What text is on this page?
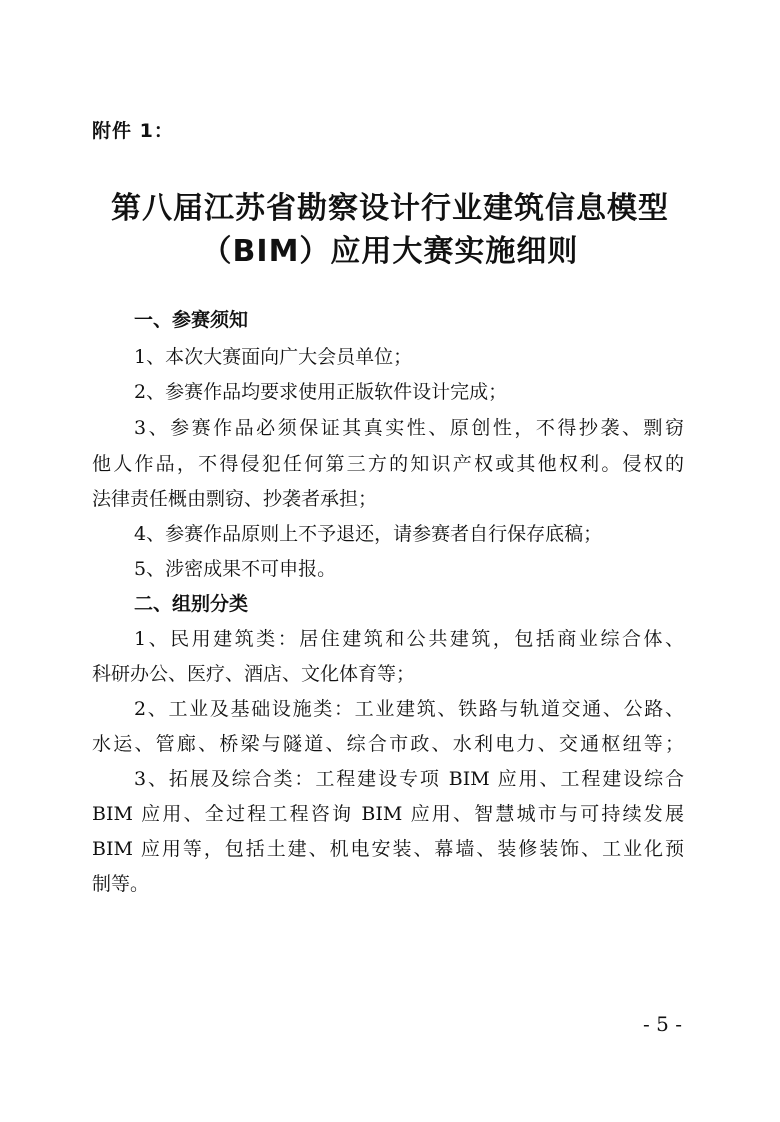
附件 1：
第八届江苏省勘察设计行业建筑信息模型
（BIM）应用大赛实施细则
一、参赛须知
1、本次大赛面向广大会员单位；
2、参赛作品均要求使用正版软件设计完成；
3、参赛作品必须保证其真实性、原创性，不得抄袭、剽窃
他人作品，不得侵犯任何第三方的知识产权或其他权利。侵权的
法律责任概由剽窃、抄袭者承担；
4、参赛作品原则上不予退还，请参赛者自行保存底稿；
5、涉密成果不可申报。
二、组别分类
1、民用建筑类：居住建筑和公共建筑，包括商业综合体、
科研办公、医疗、酒店、文化体育等；
2、工业及基础设施类：工业建筑、铁路与轨道交通、公路、
水运、管廊、桥梁与隧道、综合市政、水利电力、交通枢纽等；
3、拓展及综合类：工程建设专项 BIM 应用、工程建设综合
BIM 应用、全过程工程咨询 BIM 应用、智慧城市与可持续发展
BIM 应用等，包括土建、机电安装、幕墙、装修装饰、工业化预
制等。
- 5 -
